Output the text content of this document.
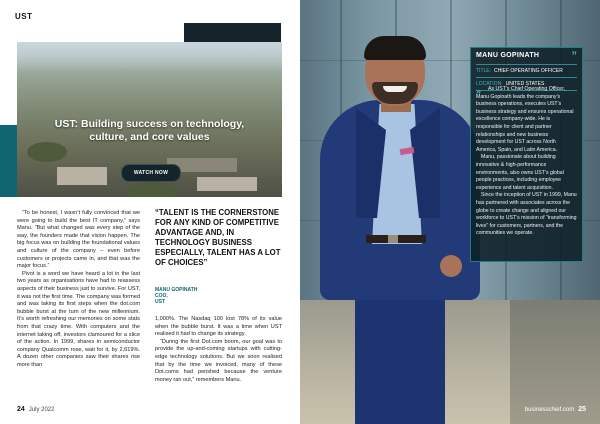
UST
UST: Building success on technology,
culture, and core values
WATCH NOW

“To be honest, I wasn’t fully convinced that we were going to build the best IT company,” says Manu. “But what changed was every step of the way, the founders made that vision happen. The big focus was on building the foundational values and culture of the company – even before customers or projects came in, and that was the major focus.”

Pivot is a word we have heard a lot in the last two years as organisations have had to reassess aspects of their business just to survive. For UST, it was not the first time. The company was formed and was taking its first steps when the dot.com bubble burst at the turn of the new millennium. It’s worth refreshing our memories on some stats from that crazy time. With computers and the internet taking off, investors clamoured for a slice of the action. In 1999, shares in semiconductor company Qualcomm rose, wait for it, by 2,619%. A dozen other companies saw their shares rise more than

“TALENT IS THE CORNERSTONE FOR ANY KIND OF COMPETITIVE ADVANTAGE AND, IN TECHNOLOGY BUSINESS ESPECIALLY, TALENT HAS A LOT OF CHOICES”
MANU GOPINATH
COO,
UST

1,000%. The Nasdaq 100 lost 78% of its value when the bubble burst. It was a time when UST realised it had to change its strategy.

“During the first Dot.com boom, our goal was to provide the up-and-coming startups with cutting-edge technology solutions. But we soon realised that by the time we invoiced, many of these Dot.coms had perished because the venture money ran out,” remembers Manu.

24 July 2022
MANU GOPINATH	”
TITLE: CHIEF OPERATING OFFICER
LOCATION: UNITED STATES

As UST’s Chief Operating Officer, Manu Gopinath leads the company’s business operations, executes UST’s business strategy and ensures operational excellence company-wide. He is responsible for client and partner relationships and new business development for UST across North America, Spain, and Latin America.

Manu, passionate about building innovative & high-performance environments, also owns UST’s global people practices, including employee experience and talent acquisition.

Since the inception of UST in 1999, Manu has partnered with associates across the globe to create change and aligned our workforce to UST’s mission of “transforming lives” for customers, partners, and the communities we operate.

»
businesschief.com 25
